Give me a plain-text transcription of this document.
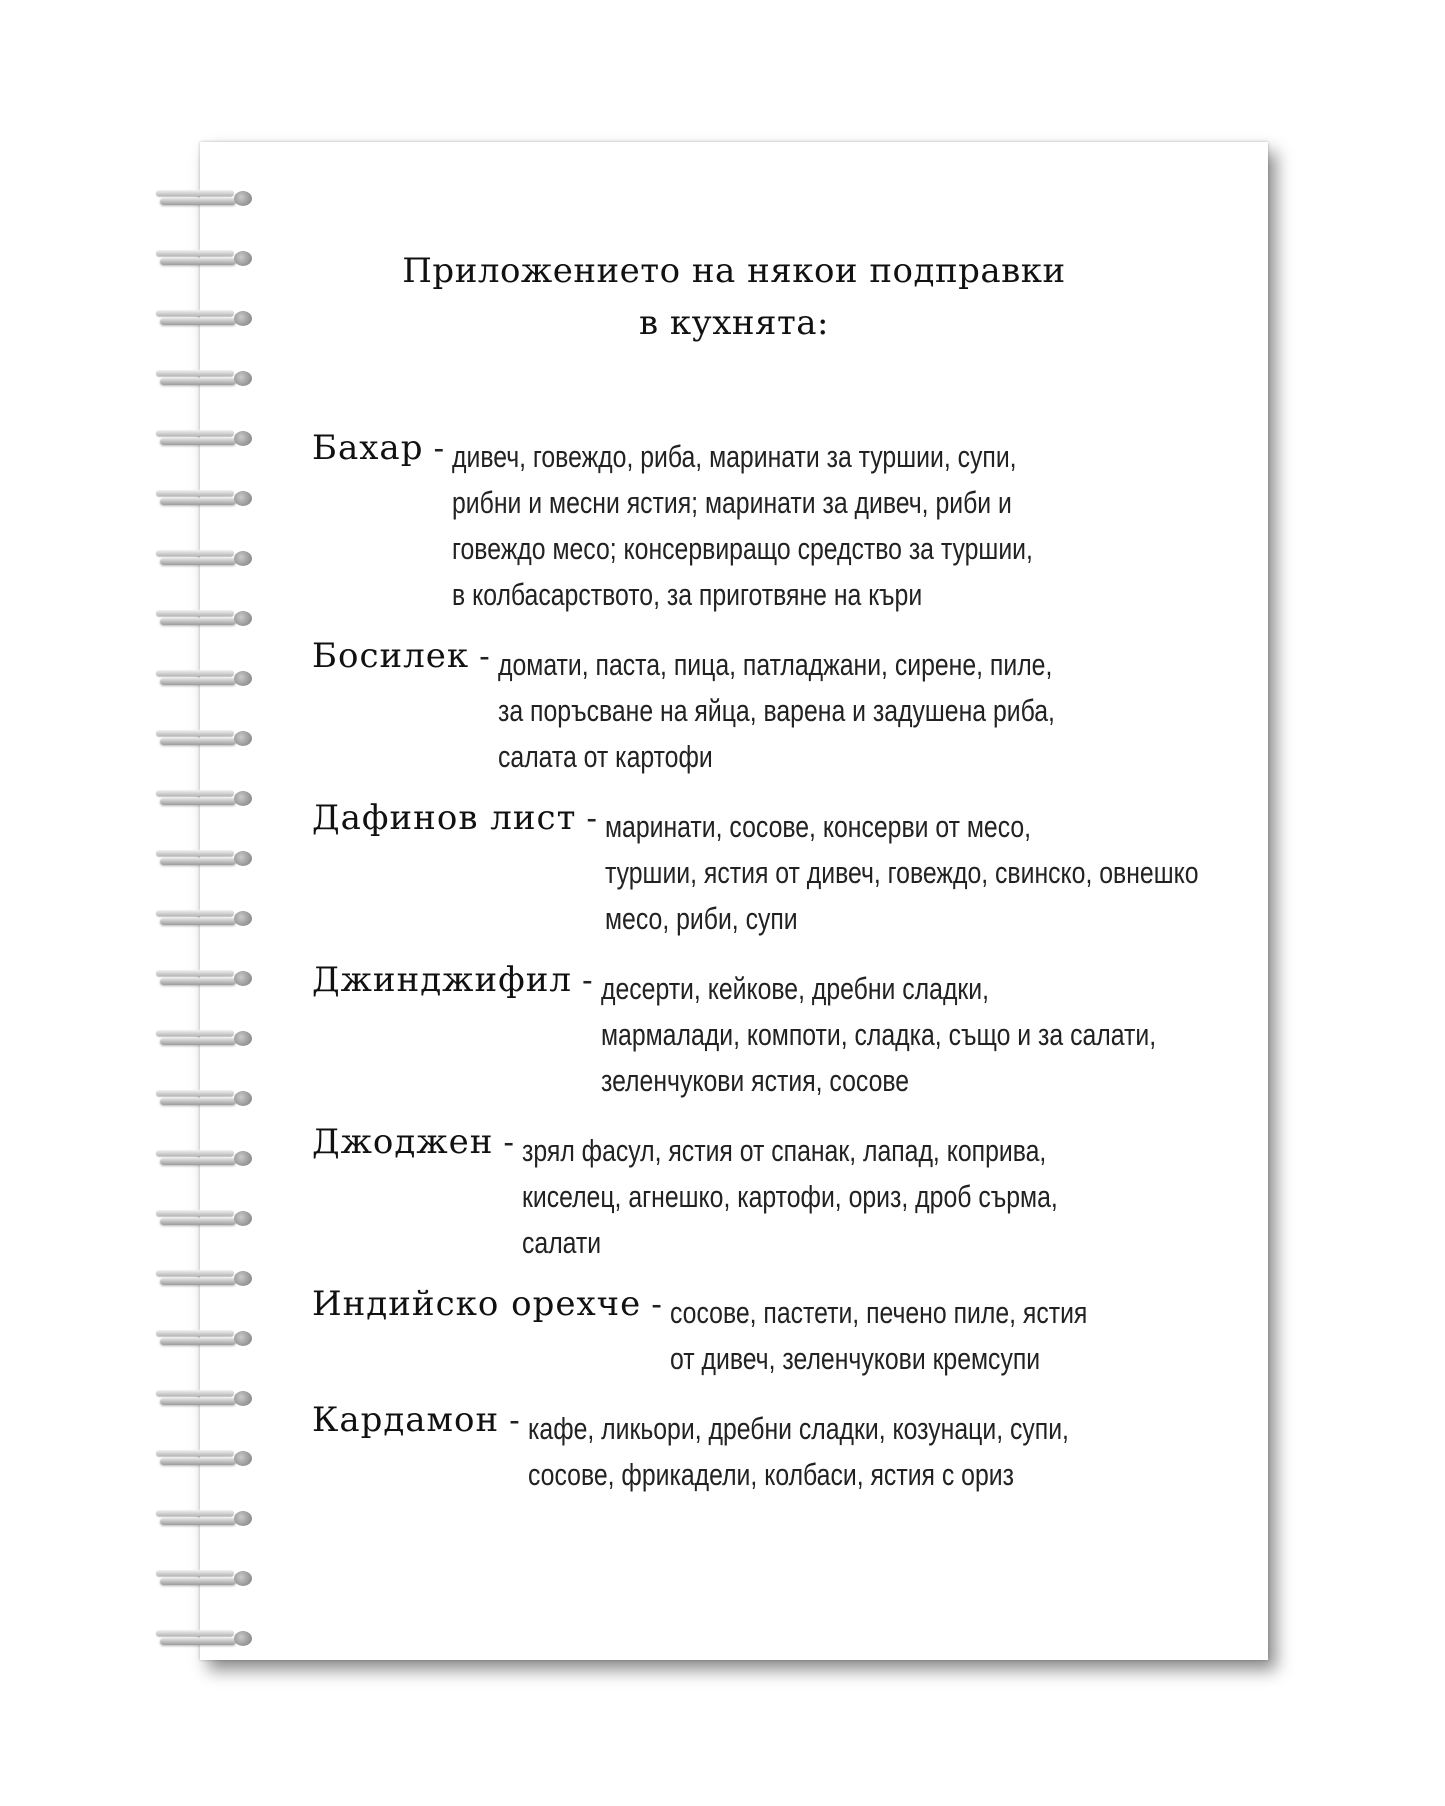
Приложението на някои подправки
в кухнята:
Бахар - дивеч, говеждо, риба, маринати за туршии, супи,
рибни и месни ястия; маринати за дивеч, риби и
говеждо месо; консервиращо средство за туршии,
в колбасарството, за приготвяне на къри
Босилек - домати, паста, пица, патладжани, сирене, пиле,
за поръсване на яйца, варена и задушена риба,
салата от картофи
Дафинов лист - маринати, сосове, консерви от месо,
туршии, ястия от дивеч, говеждо, свинско, овнешко
месо, риби, супи
Джинджифил - десерти, кейкове, дребни сладки,
мармалади, компоти, сладка, също и за салати,
зеленчукови ястия, сосове
Джоджен - зрял фасул, ястия от спанак, лапад, коприва,
киселец, агнешко, картофи, ориз, дроб сърма,
салати
Индийско орехче - сосове, пастети, печено пиле, ястия
от дивеч, зеленчукови кремсупи
Кардамон - кафе, ликьори, дребни сладки, козунаци, супи,
сосове, фрикадели, колбаси, ястия с ориз
